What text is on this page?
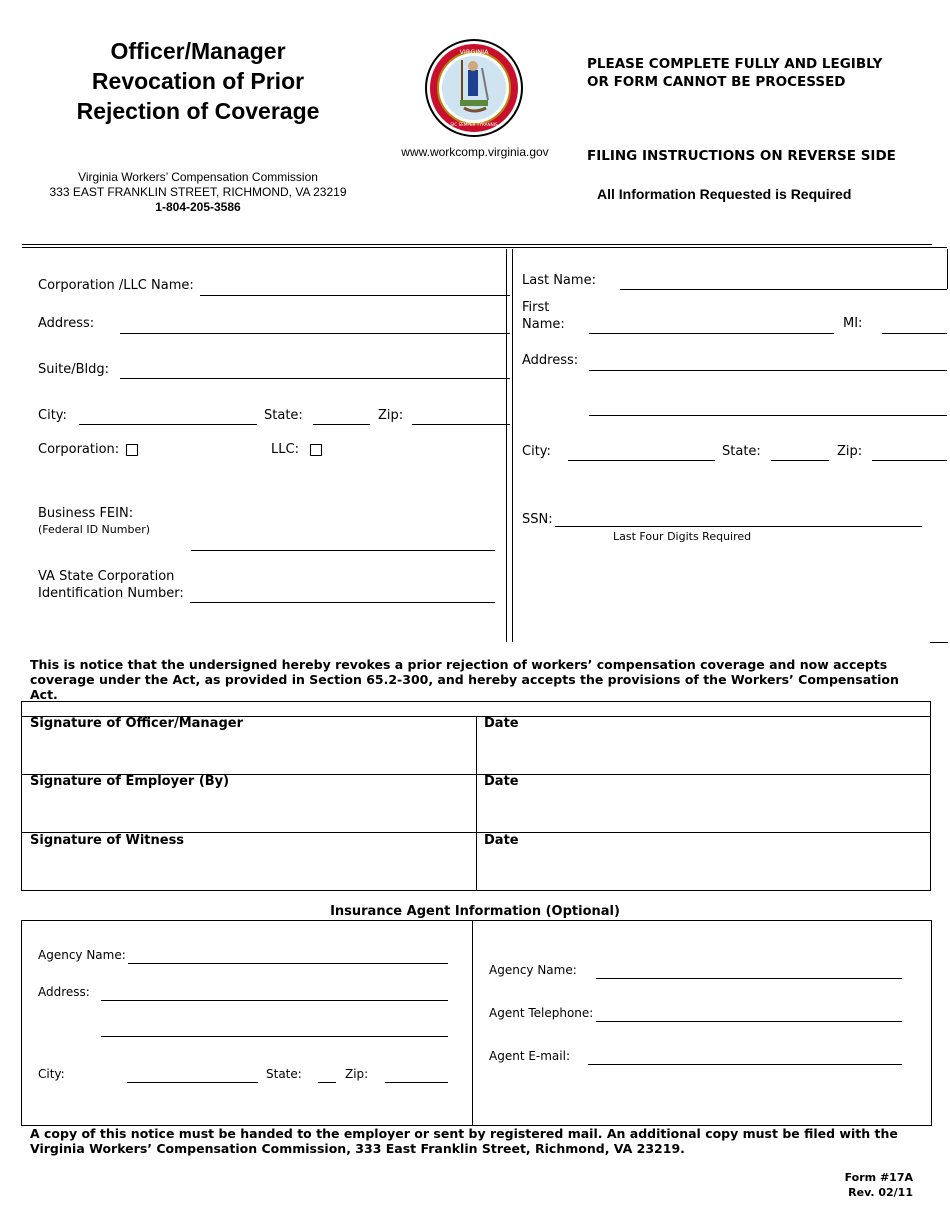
Officer/Manager
Revocation of Prior
Rejection of Coverage
Virginia Workers’ Compensation Commission
333 EAST FRANKLIN STREET, RICHMOND, VA 23219
1-804-205-3586
VIRGINIA
SIC SEMPER TYRANNIS
www.workcomp.virginia.gov
PLEASE COMPLETE FULLY AND LEGIBLY
OR FORM CANNOT BE PROCESSED
FILING INSTRUCTIONS ON REVERSE SIDE
All Information Requested is Required
Corporation /LLC Name:
Address:
Suite/Bldg:
City:	State:	Zip:
Corporation:	LLC:
Business FEIN:
(Federal ID Number)
VA State Corporation
Identification Number:
Last Name:
First
Name:	MI:
Address:
City:	State:	Zip:
SSN:
Last Four Digits Required
This is notice that the undersigned hereby revokes a prior rejection of workers’ compensation coverage and now accepts coverage under the Act, as provided in Section 65.2-300, and hereby accepts the provisions of the Workers’ Compensation Act.
Signature of Officer/Manager	Date
Signature of Employer (By)	Date
Signature of Witness	Date
Insurance Agent Information (Optional)
Agency Name:
Address:
City:	State:	Zip:
Agency Name:
Agent Telephone:
Agent E-mail:
A copy of this notice must be handed to the employer or sent by registered mail. An additional copy must be filed with the Virginia Workers’ Compensation Commission, 333 East Franklin Street, Richmond, VA 23219.
Form #17A
Rev. 02/11
